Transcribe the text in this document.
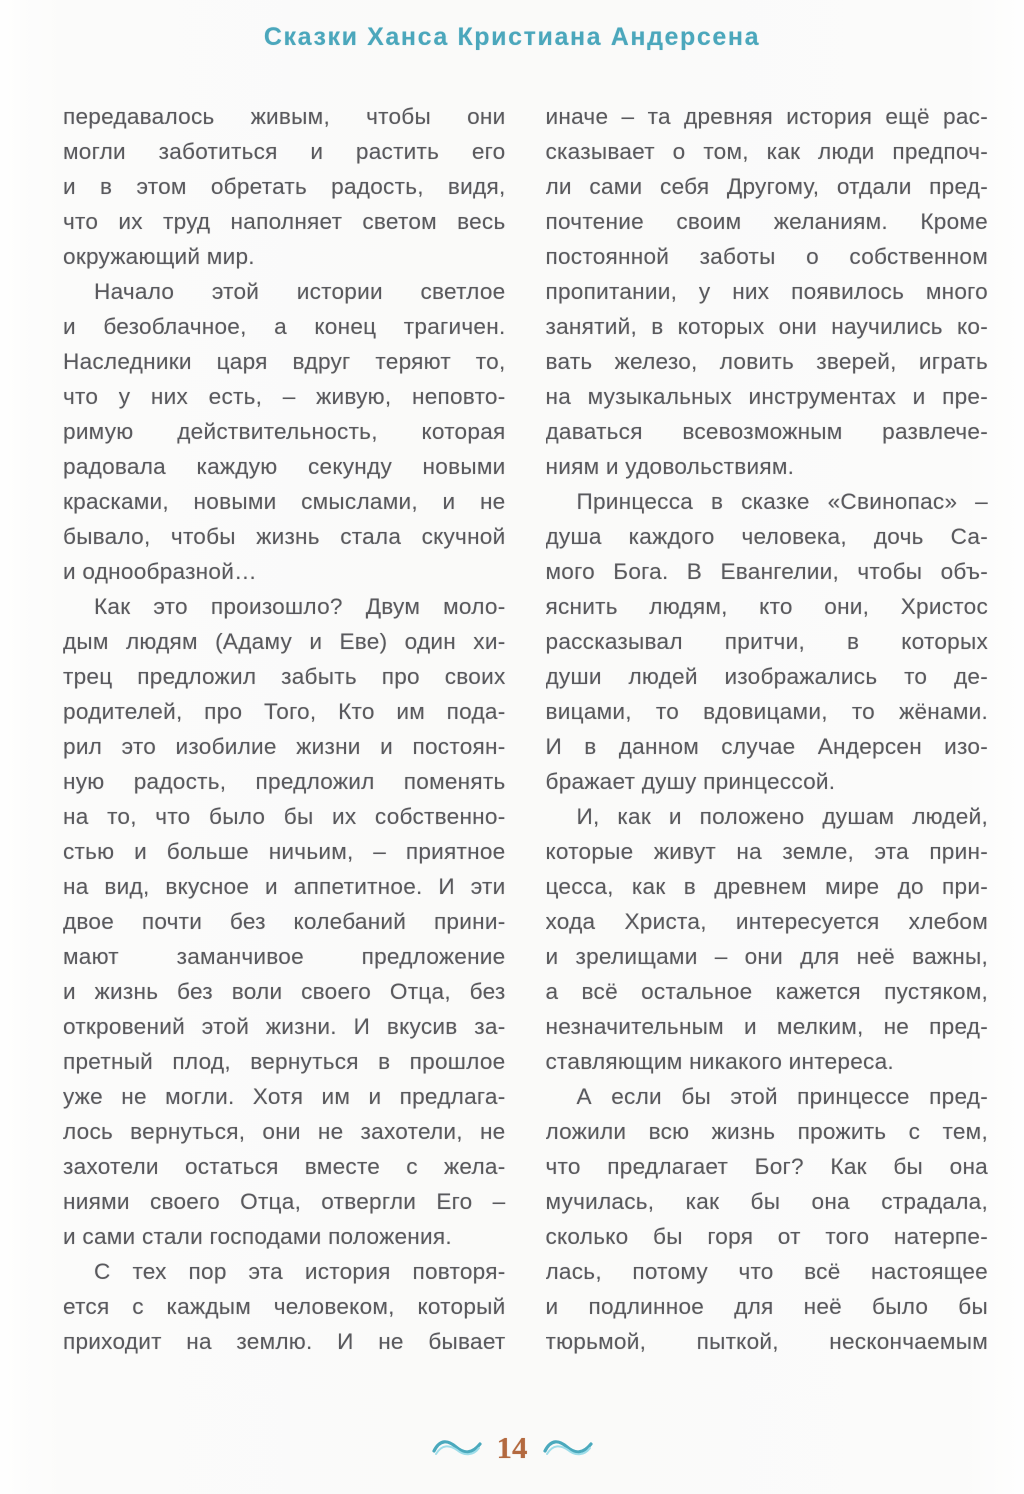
Сказки Ханса Кристиана Андерсена
передавалось живым, чтобы они
могли заботиться и растить его
и в этом обретать радость, видя,
что их труд наполняет светом весь
окружающий мир.
Начало этой истории светлое
и безоблачное, а конец трагичен.
Наследники царя вдруг теряют то,
что у них есть, – живую, неповто-
римую действительность, которая
радовала каждую секунду новыми
красками, новыми смыслами, и не
бывало, чтобы жизнь стала скучной
и однообразной…
Как это произошло? Двум моло-
дым людям (Адаму и Еве) один хи-
трец предложил забыть про своих
родителей, про Того, Кто им пода-
рил это изобилие жизни и постоян-
ную радость, предложил поменять
на то, что было бы их собственно-
стью и больше ничьим, – приятное
на вид, вкусное и аппетитное. И эти
двое почти без колебаний прини-
мают заманчивое предложение
и жизнь без воли своего Отца, без
откровений этой жизни. И вкусив за-
претный плод, вернуться в прошлое
уже не могли. Хотя им и предлага-
лось вернуться, они не захотели, не
захотели остаться вместе с жела-
ниями своего Отца, отвергли Его –
и сами стали господами положения.
С тех пор эта история повторя-
ется с каждым человеком, который
приходит на землю. И не бывает
иначе – та древняя история ещё рас-
сказывает о том, как люди предпоч-
ли сами себя Другому, отдали пред-
почтение своим желаниям. Кроме
постоянной заботы о собственном
пропитании, у них появилось много
занятий, в которых они научились ко-
вать железо, ловить зверей, играть
на музыкальных инструментах и пре-
даваться всевозможным развлече-
ниям и удовольствиям.
Принцесса в сказке «Свинопас» –
душа каждого человека, дочь Са-
мого Бога. В Евангелии, чтобы объ-
яснить людям, кто они, Христос
рассказывал притчи, в которых
души людей изображались то де-
вицами, то вдовицами, то жёнами.
И в данном случае Андерсен изо-
бражает душу принцессой.
И, как и положено душам людей,
которые живут на земле, эта прин-
цесса, как в древнем мире до при-
хода Христа, интересуется хлебом
и зрелищами – они для неё важны,
а всё остальное кажется пустяком,
незначительным и мелким, не пред-
ставляющим никакого интереса.
А если бы этой принцессе пред-
ложили всю жизнь прожить с тем,
что предлагает Бог? Как бы она
мучилась, как бы она страдала,
сколько бы горя от того натерпе-
лась, потому что всё настоящее
и подлинное для неё было бы
тюрьмой, пыткой, нескончаемым
14
